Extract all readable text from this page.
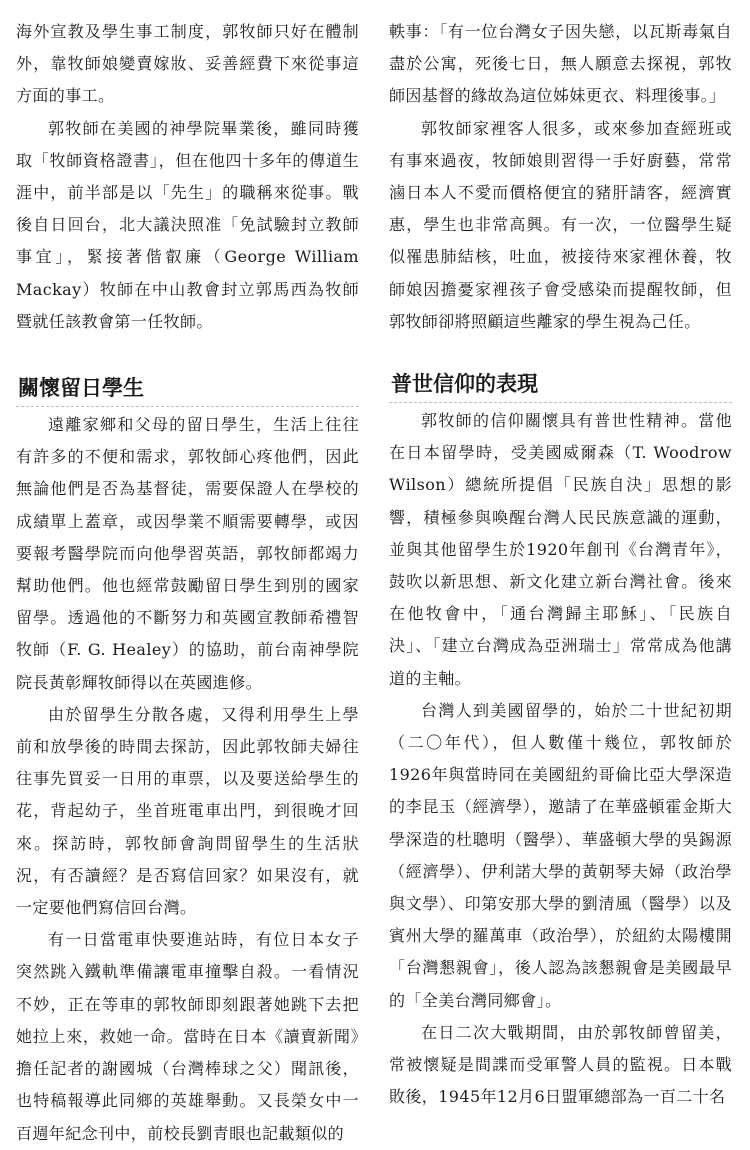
海外宣教及學生事工制度，郭牧師只好在體制外，靠牧師娘變賣嫁妝、妥善經費下來從事這方面的事工。

郭牧師在美國的神學院畢業後，雖同時獲取「牧師資格證書」，但在他四十多年的傳道生涯中，前半部是以「先生」的職稱來從事。戰後自日回台，北大議決照准「免試驗封立教師事宜」，緊接著偕叡廉（George William Mackay）牧師在中山教會封立郭馬西為牧師暨就任該教會第一任牧師。

關懷留日學生

遠離家鄉和父母的留日學生，生活上往往有許多的不便和需求，郭牧師心疼他們，因此無論他們是否為基督徒，需要保證人在學校的成績單上蓋章，或因學業不順需要轉學，或因要報考醫學院而向他學習英語，郭牧師都竭力幫助他們。他也經常鼓勵留日學生到別的國家留學。透過他的不斷努力和英國宣教師希禮智牧師（F. G. Healey）的協助，前台南神學院院長黃彰輝牧師得以在英國進修。

由於留學生分散各處，又得利用學生上學前和放學後的時間去探訪，因此郭牧師夫婦往往事先買妥一日用的車票，以及要送給學生的花，背起幼子，坐首班電車出門，到很晚才回來。探訪時，郭牧師會詢問留學生的生活狀況，有否讀經？是否寫信回家？如果沒有，就一定要他們寫信回台灣。

有一日當電車快要進站時，有位日本女子突然跳入鐵軌準備讓電車撞擊自殺。一看情況不妙，正在等車的郭牧師即刻跟著她跳下去把她拉上來，救她一命。當時在日本《讀賣新聞》擔任記者的謝國城（台灣棒球之父）聞訊後，也特稿報導此同鄉的英雄舉動。又長榮女中一百週年紀念刊中，前校長劉青眼也記載類似的

軼事：「有一位台灣女子因失戀，以瓦斯毒氣自盡於公寓，死後七日，無人願意去探視，郭牧師因基督的緣故為這位姊妹更衣、料理後事。」

郭牧師家裡客人很多，或來參加查經班或有事來過夜，牧師娘則習得一手好廚藝，常常滷日本人不愛而價格便宜的豬肝請客，經濟實惠，學生也非常高興。有一次，一位醫學生疑似罹患肺結核，吐血，被接待來家裡休養，牧師娘因擔憂家裡孩子會受感染而提醒牧師，但郭牧師卻將照顧這些離家的學生視為己任。

普世信仰的表現

郭牧師的信仰關懷具有普世性精神。當他在日本留學時，受美國威爾森（T. Woodrow Wilson）總統所提倡「民族自決」思想的影響，積極參與喚醒台灣人民民族意識的運動，並與其他留學生於1920年創刊《台灣青年》，鼓吹以新思想、新文化建立新台灣社會。後來在他牧會中，「通台灣歸主耶穌」、「民族自決」、「建立台灣成為亞洲瑞士」常常成為他講道的主軸。

台灣人到美國留學的，始於二十世紀初期（二〇年代），但人數僅十幾位，郭牧師於1926年與當時同在美國紐約哥倫比亞大學深造的李昆玉（經濟學），邀請了在華盛頓霍金斯大學深造的杜聰明（醫學）、華盛頓大學的吳錫源（經濟學）、伊利諾大學的黃朝琴夫婦（政治學與文學）、印第安那大學的劉清風（醫學）以及賓州大學的羅萬車（政治學），於紐約太陽樓開「台灣懇親會」，後人認為該懇親會是美國最早的「全美台灣同鄉會」。

在日二次大戰期間，由於郭牧師曾留美，常被懷疑是間諜而受軍警人員的監視。日本戰敗後，1945年12月6日盟軍總部為一百二十名
